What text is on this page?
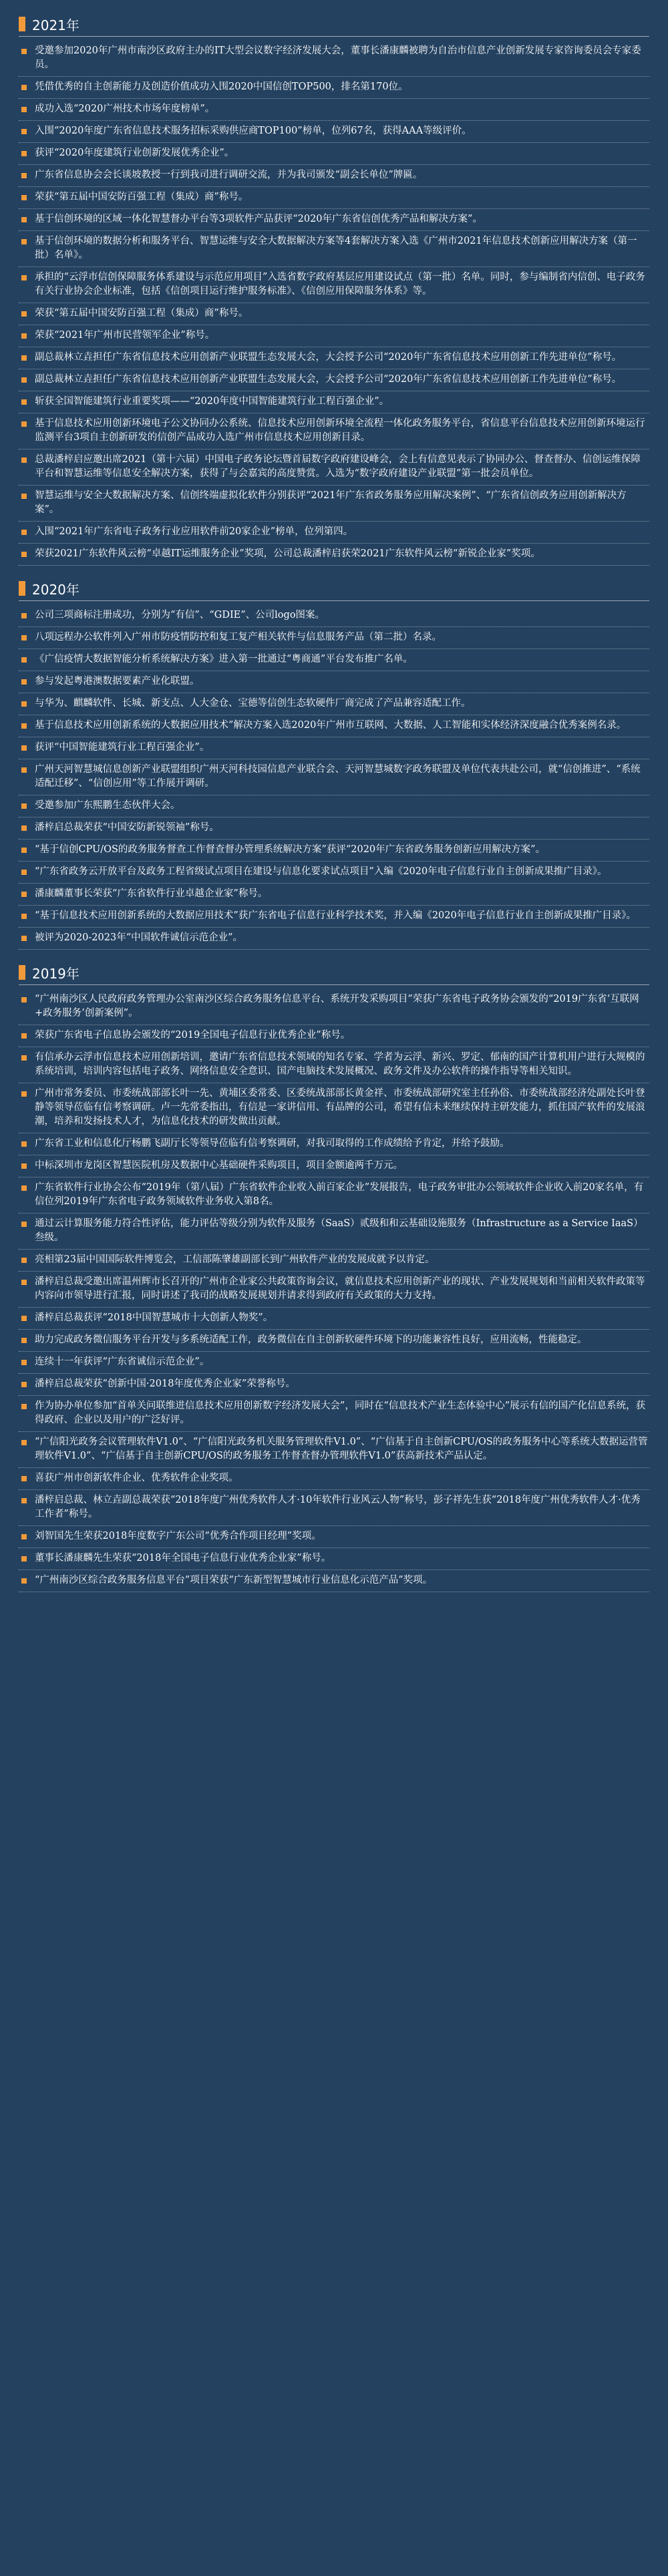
2021年
受邀参加2020年广州市南沙区政府主办的IT大型会议数字经济发展大会，董事长潘康麟被聘为自治市信息产业创新发展专家咨询委员会专家委员。
凭借优秀的自主创新能力及创造价值成功入围2020中国信创TOP500，排名第170位。
成功入选“2020广州技术市场年度榜单”。
入围“2020年度广东省信息技术服务招标采购供应商TOP100”榜单，位列67名，获得AAA等级评价。
获评“2020年度建筑行业创新发展优秀企业”。
广东省信息协会会长谈坡教授一行到我司进行调研交流，并为我司颁发“副会长单位”牌匾。
荣获“第五届中国安防百强工程（集成）商”称号。
基于信创环境的区域一体化智慧督办平台等3项软件产品获评“2020年广东省信创优秀产品和解决方案”。
基于信创环境的数据分析和服务平台、智慧运维与安全大数据解决方案等4套解决方案入选《广州市2021年信息技术创新应用解决方案（第一批）名单》。
承担的“云浮市信创保障服务体系建设与示范应用项目”入选省数字政府基层应用建设试点（第一批）名单。同时，参与编制省内信创、电子政务有关行业协会企业标准，包括《信创项目运行维护服务标准》、《信创应用保障服务体系》等。
荣获“第五届中国安防百强工程（集成）商”称号。
荣获“2021年广州市民营领军企业”称号。
副总裁林立垚担任广东省信息技术应用创新产业联盟生态发展大会，大会授予公司“2020年广东省信息技术应用创新工作先进单位”称号。
副总裁林立垚担任广东省信息技术应用创新产业联盟生态发展大会，大会授予公司“2020年广东省信息技术应用创新工作先进单位”称号。
斩获全国智能建筑行业重要奖项——“2020年度中国智能建筑行业工程百强企业”。
基于信息技术应用创新环境电子公文协同办公系统、信息技术应用创新环境全流程一体化政务服务平台，省信息平台信息技术应用创新环境运行监测平台3项自主创新研发的信创产品成功入选广州市信息技术应用创新目录。
总裁潘梓启应邀出席2021（第十六届）中国电子政务论坛暨首届数字政府建设峰会，会上有信意见表示了协同办公、督查督办、信创运维保障平台和智慧运维等信息安全解决方案，获得了与会嘉宾的高度赞赏。入选为“数字政府建设产业联盟”第一批会员单位。
智慧运维与安全大数据解决方案、信创终端虚拟化软件分别获评“2021年广东省政务服务应用解决案例”、“广东省信创政务应用创新解决方案”。
入围“2021年广东省电子政务行业应用软件前20家企业”榜单，位列第四。
荣获2021广东软件风云榜“卓越IT运维服务企业”奖项，公司总裁潘梓启获荣2021广东软件风云榜“新锐企业家”奖项。
2020年
公司三项商标注册成功，分别为“有信”、“GDIE”、公司logo图案。
八项远程办公软件列入广州市防疫情防控和复工复产相关软件与信息服务产品（第二批）名录。
《广信疫情大数据智能分析系统解决方案》进入第一批通过“粤商通”平台发布推广名单。
参与发起粤港澳数据要素产业化联盟。
与华为、麒麟软件、长城、新支点、人大金仓、宝德等信创生态软硬件厂商完成了产品兼容适配工作。
基于信息技术应用创新系统的大数据应用技术”解决方案入选2020年广州市互联网、大数据、人工智能和实体经济深度融合优秀案例名录。
获评“中国智能建筑行业工程百强企业”。
广州天河智慧城信息创新产业联盟组织广州天河科技园信息产业联合会、天河智慧城数字政务联盟及单位代表共赴公司，就“信创推进”、“系统适配迁移”、“信创应用”等工作展开调研。
受邀参加广东熙鹏生态伙伴大会。
潘梓启总裁荣获“中国安防新锐领袖”称号。
“基于信创CPU/OS的政务服务督查工作督查督办管理系统解决方案”获评“2020年广东省政务服务创新应用解决方案”。
“广东省政务云开放平台及政务工程省级试点项目在建设与信息化要求试点项目”入编《2020年电子信息行业自主创新成果推广目录》。
潘康麟董事长荣获“广东省软件行业卓越企业家”称号。
“基于信息技术应用创新系统的大数据应用技术”获广东省电子信息行业科学技术奖，并入编《2020年电子信息行业自主创新成果推广目录》。
被评为2020-2023年“中国软件诚信示范企业”。
2019年
“广州南沙区人民政府政务管理办公室南沙区综合政务服务信息平台、系统开发采购项目”荣获广东省电子政务协会颁发的“2019广东省‘互联网+政务服务’创新案例”。
荣获广东省电子信息协会颁发的“2019全国电子信息行业优秀企业”称号。
有信承办云浮市信息技术应用创新培训，邀请广东省信息技术领域的知名专家、学者为云浮、新兴、罗定、郁南的国产计算机用户进行大规模的系统培训，培训内容包括电子政务、网络信息安全意识、国产电脑技术发展概况、政务文件及办公软件的操作指导等相关知识。
广州市常务委员、市委统战部部长叶一先、黄埔区委常委、区委统战部部长黄金祥、市委统战部研究室主任孙俗、市委统战部经济处副处长叶登静等领导莅临有信考察调研。卢一先常委指出，有信是一家讲信用、有品牌的公司，希望有信未来继续保持主研发能力，抓住国产软件的发展浪潮，培养和发扬技术人才，为信息化技术的研发做出贡献。
广东省工业和信息化厅杨鹏飞副厅长等领导莅临有信考察调研，对我司取得的工作成绩给予肯定，并给予鼓励。
中标深圳市龙岗区智慧医院机房及数据中心基础硬件采购项目，项目金额逾两千万元。
广东省软件行业协会公布“2019年（第八届）广东省软件企业收入前百家企业”发展报告，电子政务审批办公领域软件企业收入前20家名单，有信位列2019年广东省电子政务领域软件业务收入第8名。
通过云计算服务能力符合性评估，能力评估等级分别为软件及服务（SaaS）贰级和和云基础设施服务（Infrastructure as a Service IaaS）叁级。
亮相第23届中国国际软件博览会，工信部陈肇雄副部长到广州软件产业的发展成就予以肯定。
潘梓启总裁受邀出席温州辉市长召开的广州市企业家公共政策咨询会议，就信息技术应用创新产业的现状、产业发展规划和当前相关软件政策等内容向市领导进行汇报，同时讲述了我司的战略发展规划并请求得到政府有关政策的大力支持。
潘梓启总裁获评“2018中国智慧城市十大创新人物奖”。
助力完成政务微信服务平台开发与多系统适配工作，政务微信在自主创新软硬件环境下的功能兼容性良好，应用流畅，性能稳定。
连续十一年获评“广东省诚信示范企业”。
潘梓启总裁荣获“创新中国·2018年度优秀企业家”荣誉称号。
作为协办单位参加“首单关问联维进信息技术应用创新数字经济发展大会”，同时在“信息技术产业生态体验中心”展示有信的国产化信息系统，获得政府、企业以及用户的广泛好评。
“广信阳光政务会议管理软件V1.0”、“广信阳光政务机关服务管理软件V1.0”、“广信基于自主创新CPU/OS的政务服务中心等系统大数据运营管理软件V1.0”、“广信基于自主创新CPU/OS的政务服务工作督查督办管理软件V1.0”获高新技术产品认定。
喜获广州市创新软件企业、优秀软件企业奖项。
潘梓启总裁、林立垚副总裁荣获“2018年度广州优秀软件人才·10年软件行业风云人物”称号，彭子祥先生获“2018年度广州优秀软件人才·优秀工作者”称号。
刘智国先生荣获2018年度数字广东公司“优秀合作项目经理”奖项。
董事长潘康麟先生荣获“2018年全国电子信息行业优秀企业家”称号。
“广州南沙区综合政务服务信息平台”项目荣获“广东新型智慧城市行业信息化示范产品”奖项。
